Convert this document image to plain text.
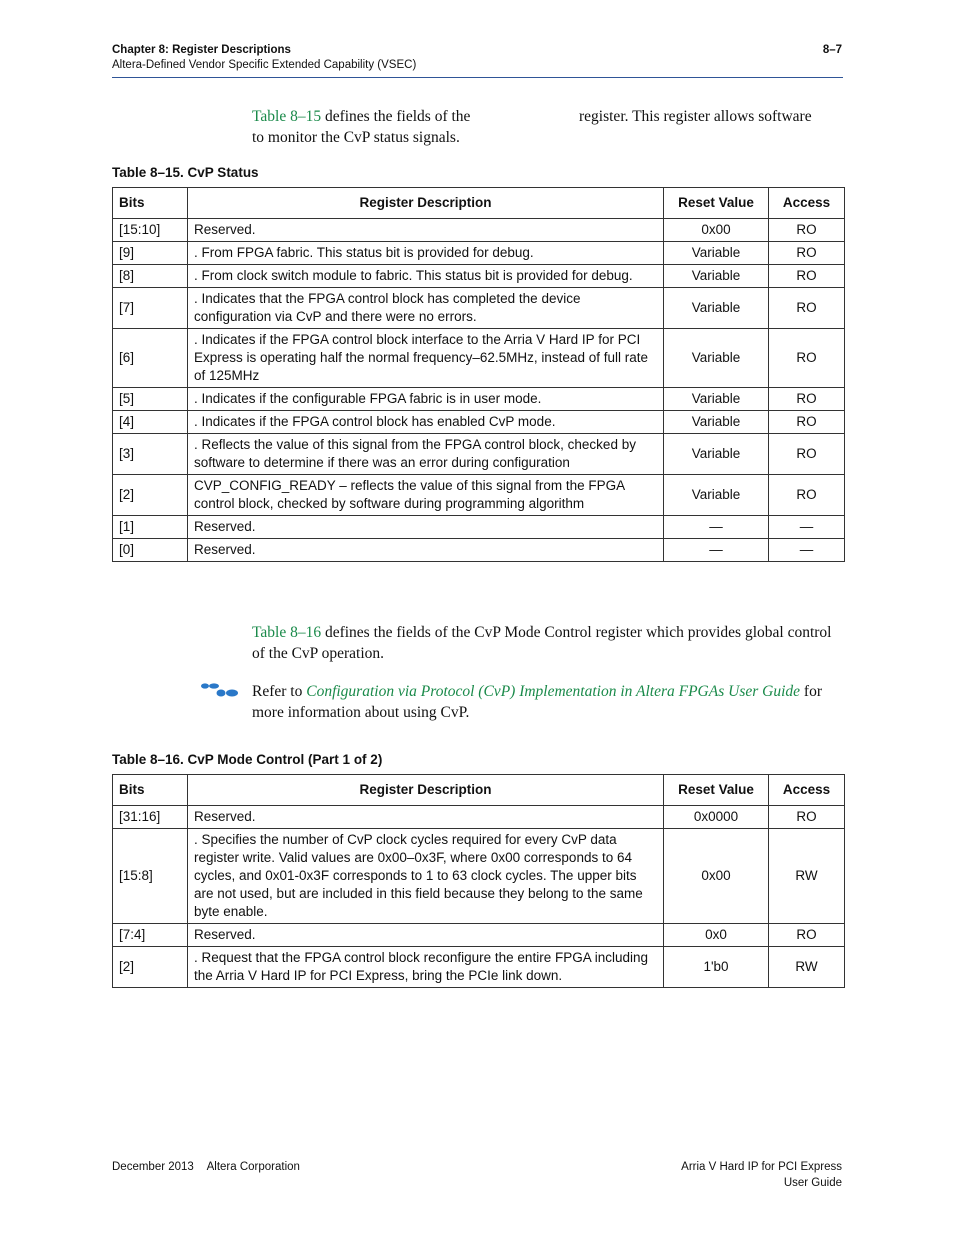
Chapter 8: Register Descriptions
Altera-Defined Vendor Specific Extended Capability (VSEC)
8–7
Table 8–15 defines the fields of the	register. This register allows software
to monitor the CvP status signals.
Table 8–15. CvP Status
Bits	Register Description	Reset Value	Access
[15:10]	Reserved.	0x00	RO
[9]	. From FPGA fabric. This status bit is provided for debug.	Variable	RO
[8]	. From clock switch module to fabric. This status bit is provided for debug.	Variable	RO
[7]	. Indicates that the FPGA control block has completed the device configuration via CvP and there were no errors.	Variable	RO
[6]	. Indicates if the FPGA control block interface to the Arria V Hard IP for PCI Express is operating half the normal frequency–62.5MHz, instead of full rate of 125MHz	Variable	RO
[5]	. Indicates if the configurable FPGA fabric is in user mode.	Variable	RO
[4]	. Indicates if the FPGA control block has enabled CvP mode.	Variable	RO
[3]	. Reflects the value of this signal from the FPGA control block, checked by software to determine if there was an error during configuration	Variable	RO
[2]	CVP_CONFIG_READY – reflects the value of this signal from the FPGA control block, checked by software during programming algorithm	Variable	RO
[1]	Reserved.	—	—
[0]	Reserved.	—	—
Table 8–16 defines the fields of the CvP Mode Control register which provides global control of the CvP operation.
Refer to Configuration via Protocol (CvP) Implementation in Altera FPGAs User Guide for
more information about using CvP.
Table 8–16. CvP Mode Control (Part 1 of 2)
Bits	Register Description	Reset Value	Access
[31:16]	Reserved.	0x0000	RO
[15:8]	. Specifies the number of CvP clock cycles required for every CvP data register write. Valid values are 0x00–0x3F, where 0x00 corresponds to 64 cycles, and 0x01-0x3F corresponds to 1 to 63 clock cycles. The upper bits are not used, but are included in this field because they belong to the same byte enable.	0x00	RW
[7:4]	Reserved.	0x0	RO
[2]	. Request that the FPGA control block reconfigure the entire FPGA including the Arria V Hard IP for PCI Express, bring the PCIe link down.	1'b0	RW
December 2013 Altera Corporation	Arria V Hard IP for PCI Express
User Guide
